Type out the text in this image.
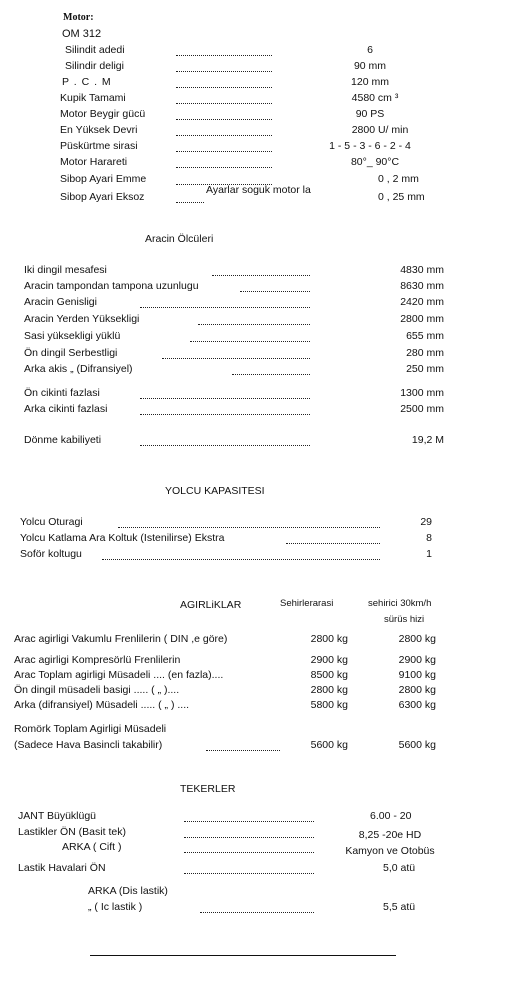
Motor:
OM 312
Silindit adedi	6
Silindir deligi	90 mm
P . C . M	120 mm
Kupik Tamami	4580 cm ³
Motor Beygir gücü	90 PS
En Yüksek Devri	2800 U/ min
Püskürtme sirasi	1 - 5 - 3 - 6 - 2 - 4
Motor Harareti	80°_ 90°C
Sibop Ayari Emme	0 , 2 mm
Sibop Ayari Eksoz	0 , 25 mm
Ayarlar soguk motor la
Aracin Ölcüleri
Iki dingil mesafesi	4830 mm
Aracin tampondan tampona uzunlugu	8630 mm
Aracin Genisligi	2420 mm
Aracin Yerden Yüksekligi	2800 mm
Sasi yüksekligi yüklü	655 mm
Ön dingil Serbestligi	280 mm
Arka akis „ (Difransiyel)	250 mm
Ön cikinti fazlasi	1300 mm
Arka cikinti fazlasi	2500 mm
Dönme kabiliyeti	19,2 M
YOLCU KAPASITESI
Yolcu Oturagi	29
Yolcu Katlama Ara Koltuk (Istenilirse) Ekstra	8
Soför koltugu	1
AGIRLiKLAR	Sehirlerarasi	sehirici 30km/h
sürüs hizi
Arac agirligi Vakumlu Frenlilerin ( DIN ,e göre)	2800 kg	2800 kg
Arac agirligi Kompresörlü Frenlilerin	2900 kg	2900 kg
Arac Toplam agirligi Müsadeli .... (en fazla)....	8500 kg	9100 kg
Ön dingil müsadeli basigi ..... ( „ )....	2800 kg	2800 kg
Arka (difransiyel) Müsadeli ..... ( „ ) ....	5800 kg	6300 kg
Romörk Toplam Agirligi Müsadeli
(Sadece Hava Basincli takabilir)	5600 kg	5600 kg
TEKERLER
JANT Büyüklügü	6.00 - 20
Lastikler ÖN (Basit tek)
ARKA ( Cift )
8,25 -20e HD
Kamyon ve Otobüs
Lastik Havalari ÖN	5,0 atü
ARKA (Dis lastik)
„ ( Ic lastik )	5,5 atü
